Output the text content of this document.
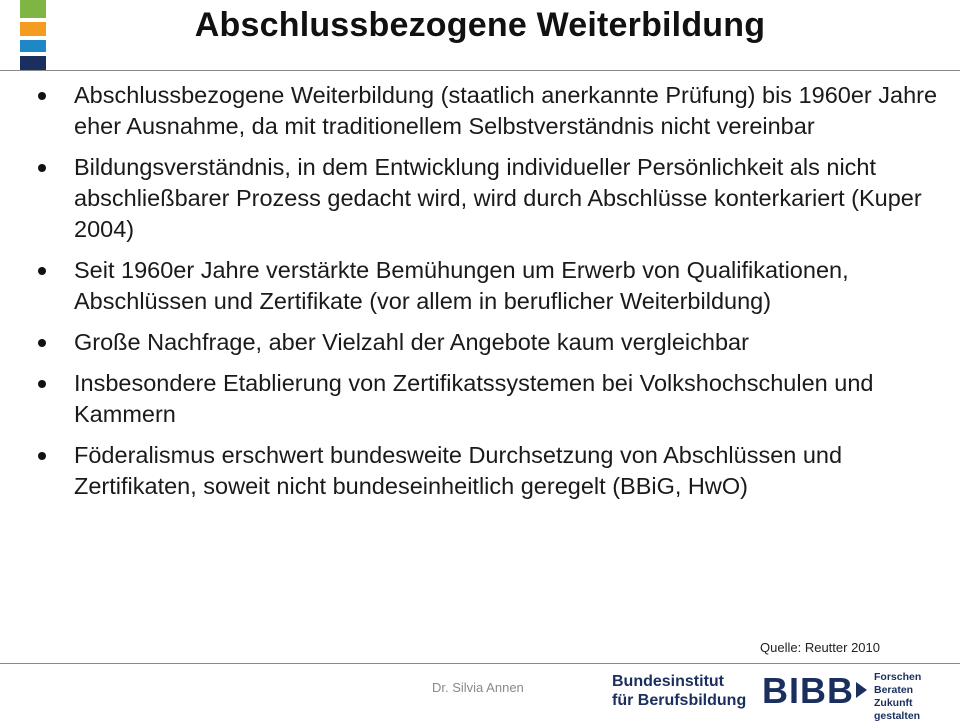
Abschlussbezogene Weiterbildung
Abschlussbezogene Weiterbildung (staatlich anerkannte Prüfung) bis 1960er Jahre eher Ausnahme, da mit traditionellem Selbstverständnis nicht vereinbar
Bildungsverständnis, in dem Entwicklung individueller Persönlichkeit als nicht abschließbarer Prozess gedacht wird, wird durch Abschlüsse konterkariert (Kuper 2004)
Seit 1960er Jahre verstärkte Bemühungen um Erwerb von Qualifikationen, Abschlüssen und Zertifikate (vor allem in beruflicher Weiterbildung)
Große Nachfrage, aber Vielzahl der Angebote kaum vergleichbar
Insbesondere Etablierung von Zertifikatssystemen bei Volkshochschulen und Kammern
Föderalismus erschwert bundesweite Durchsetzung von Abschlüssen und Zertifikaten, soweit nicht bundeseinheitlich geregelt (BBiG, HwO)
Quelle: Reutter 2010
Dr. Silvia Annen	Bundesinstitut
für Berufsbildung BIBB Forschen
Beraten
Zukunft gestalten
